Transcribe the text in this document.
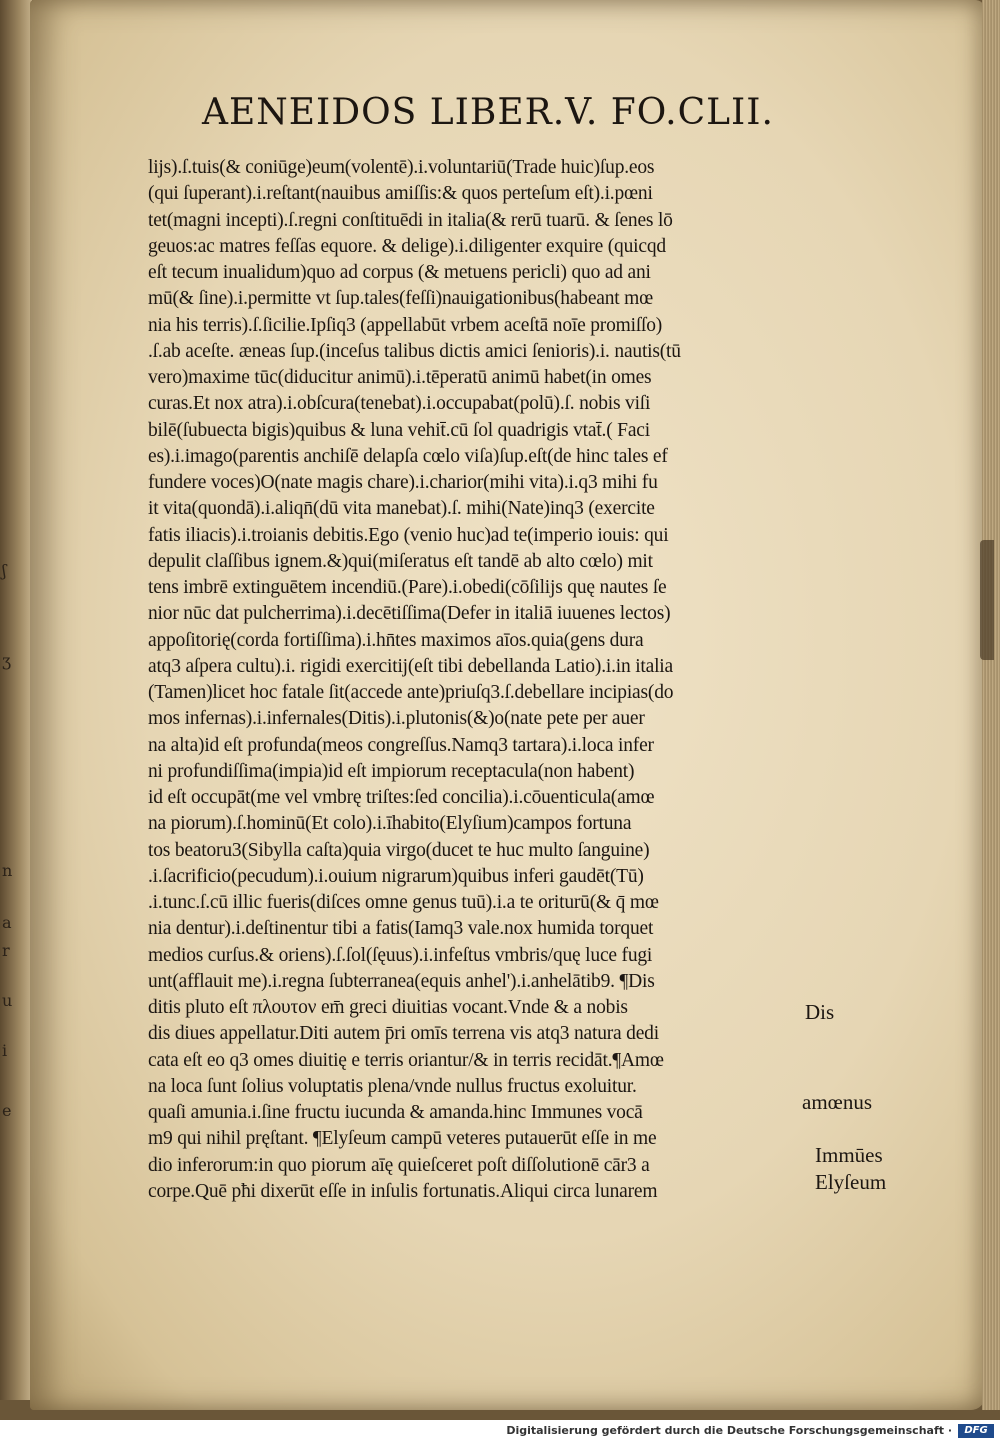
ʃ
ʒ
n
a
r
u
i
e
AENEIDOS LIBER.V. FO.CLII.
lijs).ſ.tuis(& coniūge)eum(volentē).i.voluntariū(Trade huic)ſup.eos
(qui ſuperant).i.reſtant(nauibus amiſſis:& quos perteſum eſt).i.pœni
tet(magni incepti).ſ.regni conſtituēdi in italia(& rerū tuarū. & ſenes lō
geuos:ac matres feſſas equore. & delige).i.diligenter exquire (quicqd
eſt tecum inualidum)quo ad corpus (& metuens pericli) quo ad ani
mū(& ſine).i.permitte vt ſup.tales(feſſi)nauigationibus(habeant mœ
nia his terris).ſ.ſicilie.Ipſiq3 (appellabūt vrbem aceſtā noīe promiſſo)
.ſ.ab aceſte. æneas ſup.(inceſus talibus dictis amici ſenioris).i. nautis(tū
vero)maxime tūc(diducitur animū).i.tēperatū animū habet(in omes
curas.Et nox atra).i.obſcura(tenebat).i.occupabat(polū).ſ. nobis viſi
bilē(ſubuecta bigis)quibus & luna vehit̄.cū ſol quadrigis vtat̄.( Faci
es).i.imago(parentis anchiſē delapſa cœlo viſa)ſup.eſt(de hinc tales ef
fundere voces)O(nate magis chare).i.charior(mihi vita).i.q3 mihi fu
it vita(quondā).i.aliqn̄(dū vita manebat).ſ. mihi(Nate)inq3 (exercite
fatis iliacis).i.troianis debitis.Ego (venio huc)ad te(imperio iouis: qui
depulit claſſibus ignem.&)qui(miſeratus eſt tandē ab alto cœlo) mit
tens imbrē extinguētem incendiū.(Pare).i.obedi(cōſilijs quę nautes ſe
nior nūc dat pulcherrima).i.decētiſſima(Defer in italiā iuuenes lectos)
appoſitorię(corda fortiſſima).i.hn̄tes maximos aīos.quia(gens dura
atq3 aſpera cultu).i. rigidi exercitij(eſt tibi debellanda Latio).i.in italia
(Tamen)licet hoc fatale ſit(accede ante)priuſq3.ſ.debellare incipias(do
mos infernas).i.infernales(Ditis).i.plutonis(&)o(nate pete per auer
na alta)id eſt profunda(meos congreſſus.Namq3 tartara).i.loca infer
ni profundiſſima(impia)id eſt impiorum receptacula(non habent)
id eſt occupāt(me vel vmbrę triſtes:ſed concilia).i.cōuenticula(amœ
na piorum).ſ.hominū(Et colo).i.īhabito(Elyſium)campos fortuna
tos beatoru3(Sibylla caſta)quia virgo(ducet te huc multo ſanguine)
.i.ſacrificio(pecudum).i.ouium nigrarum)quibus inferi gaudēt(Tū)
.i.tunc.ſ.cū illic fueris(diſces omne genus tuū).i.a te oriturū(& q̄ mœ
nia dentur).i.deſtinentur tibi a fatis(Iamq3 vale.nox humida torquet
medios curſus.& oriens).ſ.ſol(ſęuus).i.infeſtus vmbris/quę luce fugi
unt(afflauit me).i.regna ſubterranea(equis anhel').i.anhelātib9. ¶Dis
ditis pluto eſt πλουτον em̄ greci diuitias vocant.Vnde & a nobis
dis diues appellatur.Diti autem p̄ri omīs terrena vis atq3 natura dedi
cata eſt eo q3 omes diuitię e terris oriantur/& in terris recidāt.¶Amœ
na loca ſunt ſolius voluptatis plena/vnde nullus fructus exoluitur.
quaſi amunia.i.ſine fructu iucunda & amanda.hinc Immunes vocā
m9 qui nihil pręſtant. ¶Elyſeum campū veteres putauerūt eſſe in me
dio inferorum:in quo piorum aīę quieſceret poſt diſſolutionē cār3 a
corpe.Quē pħi dixerūt eſſe in inſulis fortunatis.Aliqui circa lunarem
Dis
amœnus
Immūes
Elyſeum
Digitalisierung gefördert durch die Deutsche Forschungsgemeinschaft ·	DFG
